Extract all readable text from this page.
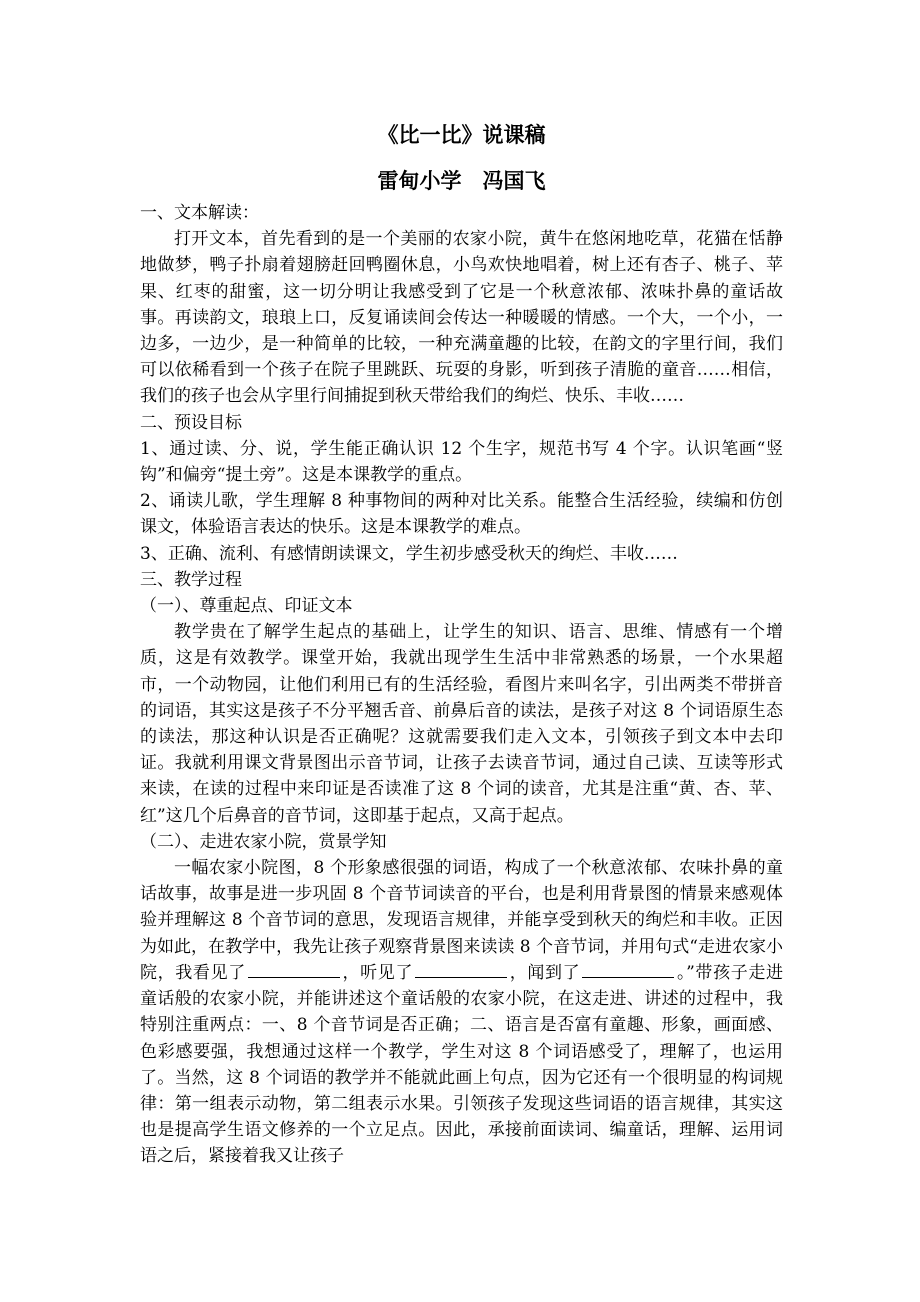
《比一比》说课稿
雷甸小学　冯国飞
一、文本解读：

打开文本，首先看到的是一个美丽的农家小院，黄牛在悠闲地吃草，花猫在恬静地做梦，鸭子扑扇着翅膀赶回鸭圈休息，小鸟欢快地唱着，树上还有杏子、桃子、苹果、红枣的甜蜜，这一切分明让我感受到了它是一个秋意浓郁、浓味扑鼻的童话故事。再读韵文，琅琅上口，反复诵读间会传达一种暖暖的情感。一个大，一个小，一边多，一边少，是一种简单的比较，一种充满童趣的比较，在韵文的字里行间，我们可以依稀看到一个孩子在院子里跳跃、玩耍的身影，听到孩子清脆的童音……相信，我们的孩子也会从字里行间捕捉到秋天带给我们的绚烂、快乐、丰收……

二、预设目标

1、通过读、分、说，学生能正确认识 12 个生字，规范书写 4 个字。认识笔画“竖钩”和偏旁“提土旁”。这是本课教学的重点。

2、诵读儿歌，学生理解 8 种事物间的两种对比关系。能整合生活经验，续编和仿创课文，体验语言表达的快乐。这是本课教学的难点。

3、正确、流利、有感情朗读课文，学生初步感受秋天的绚烂、丰收……

三、教学过程

（一）、尊重起点、印证文本

教学贵在了解学生起点的基础上，让学生的知识、语言、思维、情感有一个增质，这是有效教学。课堂开始，我就出现学生生活中非常熟悉的场景，一个水果超市，一个动物园，让他们利用已有的生活经验，看图片来叫名字，引出两类不带拼音的词语，其实这是孩子不分平翘舌音、前鼻后音的读法，是孩子对这 8 个词语原生态的读法，那这种认识是否正确呢？这就需要我们走入文本，引领孩子到文本中去印证。我就利用课文背景图出示音节词，让孩子去读音节词，通过自己读、互读等形式来读，在读的过程中来印证是否读准了这 8 个词的读音，尤其是注重“黄、杏、苹、红”这几个后鼻音的音节词，这即基于起点，又高于起点。

（二）、走进农家小院，赏景学知

一幅农家小院图，8 个形象感很强的词语，构成了一个秋意浓郁、农味扑鼻的童话故事，故事是进一步巩固 8 个音节词读音的平台，也是利用背景图的情景来感观体验并理解这 8 个音节词的意思，发现语言规律，并能享受到秋天的绚烂和丰收。正因为如此，在教学中，我先让孩子观察背景图来读读 8 个音节词，并用句式“走进农家小院，我看见了	，听见了	，闻到了	。”带孩子走进童话般的农家小院，并能讲述这个童话般的农家小院，在这走进、讲述的过程中，我特别注重两点：一、8 个音节词是否正确；二、语言是否富有童趣、形象，画面感、色彩感要强，我想通过这样一个教学，学生对这 8 个词语感受了，理解了，也运用了。当然，这 8 个词语的教学并不能就此画上句点，因为它还有一个很明显的构词规律：第一组表示动物，第二组表示水果。引领孩子发现这些词语的语言规律，其实这也是提高学生语文修养的一个立足点。因此，承接前面读词、编童话，理解、运用词语之后，紧接着我又让孩子
